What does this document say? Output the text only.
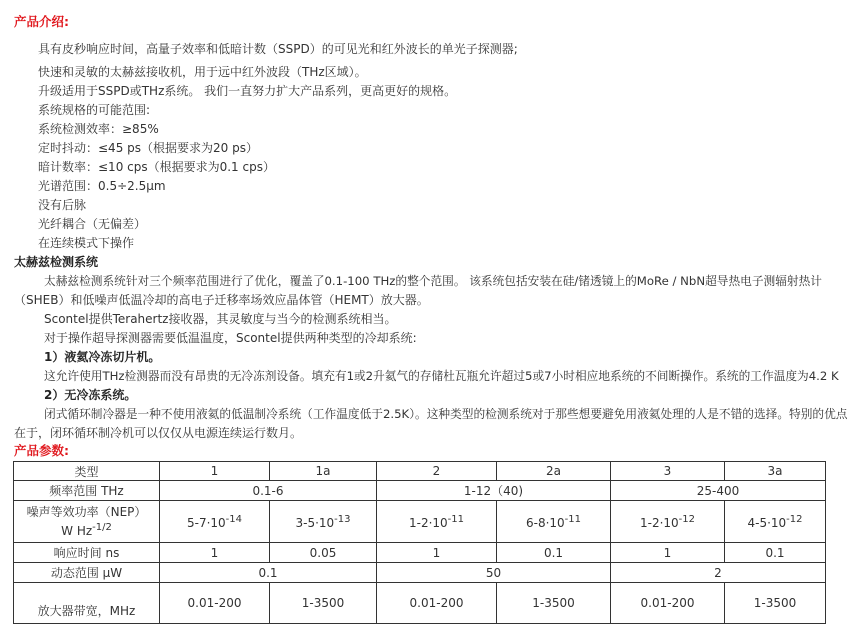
产品介绍:
具有皮秒响应时间，高量子效率和低暗计数（SSPD）的可见光和红外波长的单光子探测器;
快速和灵敏的太赫兹接收机，用于远中红外波段（THz区域）。
升级适用于SSPD或THz系统。 我们一直努力扩大产品系列，更高更好的规格。
系统规格的可能范围:
系统检测效率：≥85%
定时抖动：≤45 ps（根据要求为20 ps）
暗计数率：≤10 cps（根据要求为0.1 cps）
光谱范围：0.5÷2.5μm
没有后脉
光纤耦合（无偏差）
在连续模式下操作
太赫兹检测系统
太赫兹检测系统针对三个频率范围进行了优化，覆盖了0.1-100 THz的整个范围。 该系统包括安装在硅/锗透镜上的MoRe / NbN超导热电子测辐射热计
（SHEB）和低噪声低温冷却的高电子迁移率场效应晶体管（HEMT）放大器。
Scontel提供Terahertz接收器，其灵敏度与当今的检测系统相当。
对于操作超导探测器需要低温温度，Scontel提供两种类型的冷却系统:
1）液氦冷冻切片机。
这允许使用THz检测器而没有昂贵的无冷冻剂设备。填充有1或2升氦气的存储杜瓦瓶允许超过5或7小时相应地系统的不间断操作。系统的工作温度为4.2 K
2）无冷冻系统。
闭式循环制冷器是一种不使用液氦的低温制冷系统（工作温度低于2.5K）。这种类型的检测系统对于那些想要避免用液氦处理的人是不错的选择。特别的优点
在于，闭环循环制冷机可以仅仅从电源连续运行数月。
产品参数:
类型	1	1a	2	2a	3	3a
频率范围 THz	0.1-6		1-12（40)		25-400	
噪声等效功率（NEP）
W $Hz^{-1/2}$	$5-7\cdot 10^{-14}$	$3-5\cdot 10^{-13}$	$1-2\cdot 10^{-11}$	$6-8\cdot 10^{-11}$	$1-2\cdot 10^{-12}$	$4-5\cdot 10^{-12}$
响应时间 ns	1	0.05	1	0.1	1	0.1
动态范围 μW	0.1		50		2	
放大器带宽，MHz	0.01-200	1-3500	0.01-200	1-3500	0.01-200	1-3500
